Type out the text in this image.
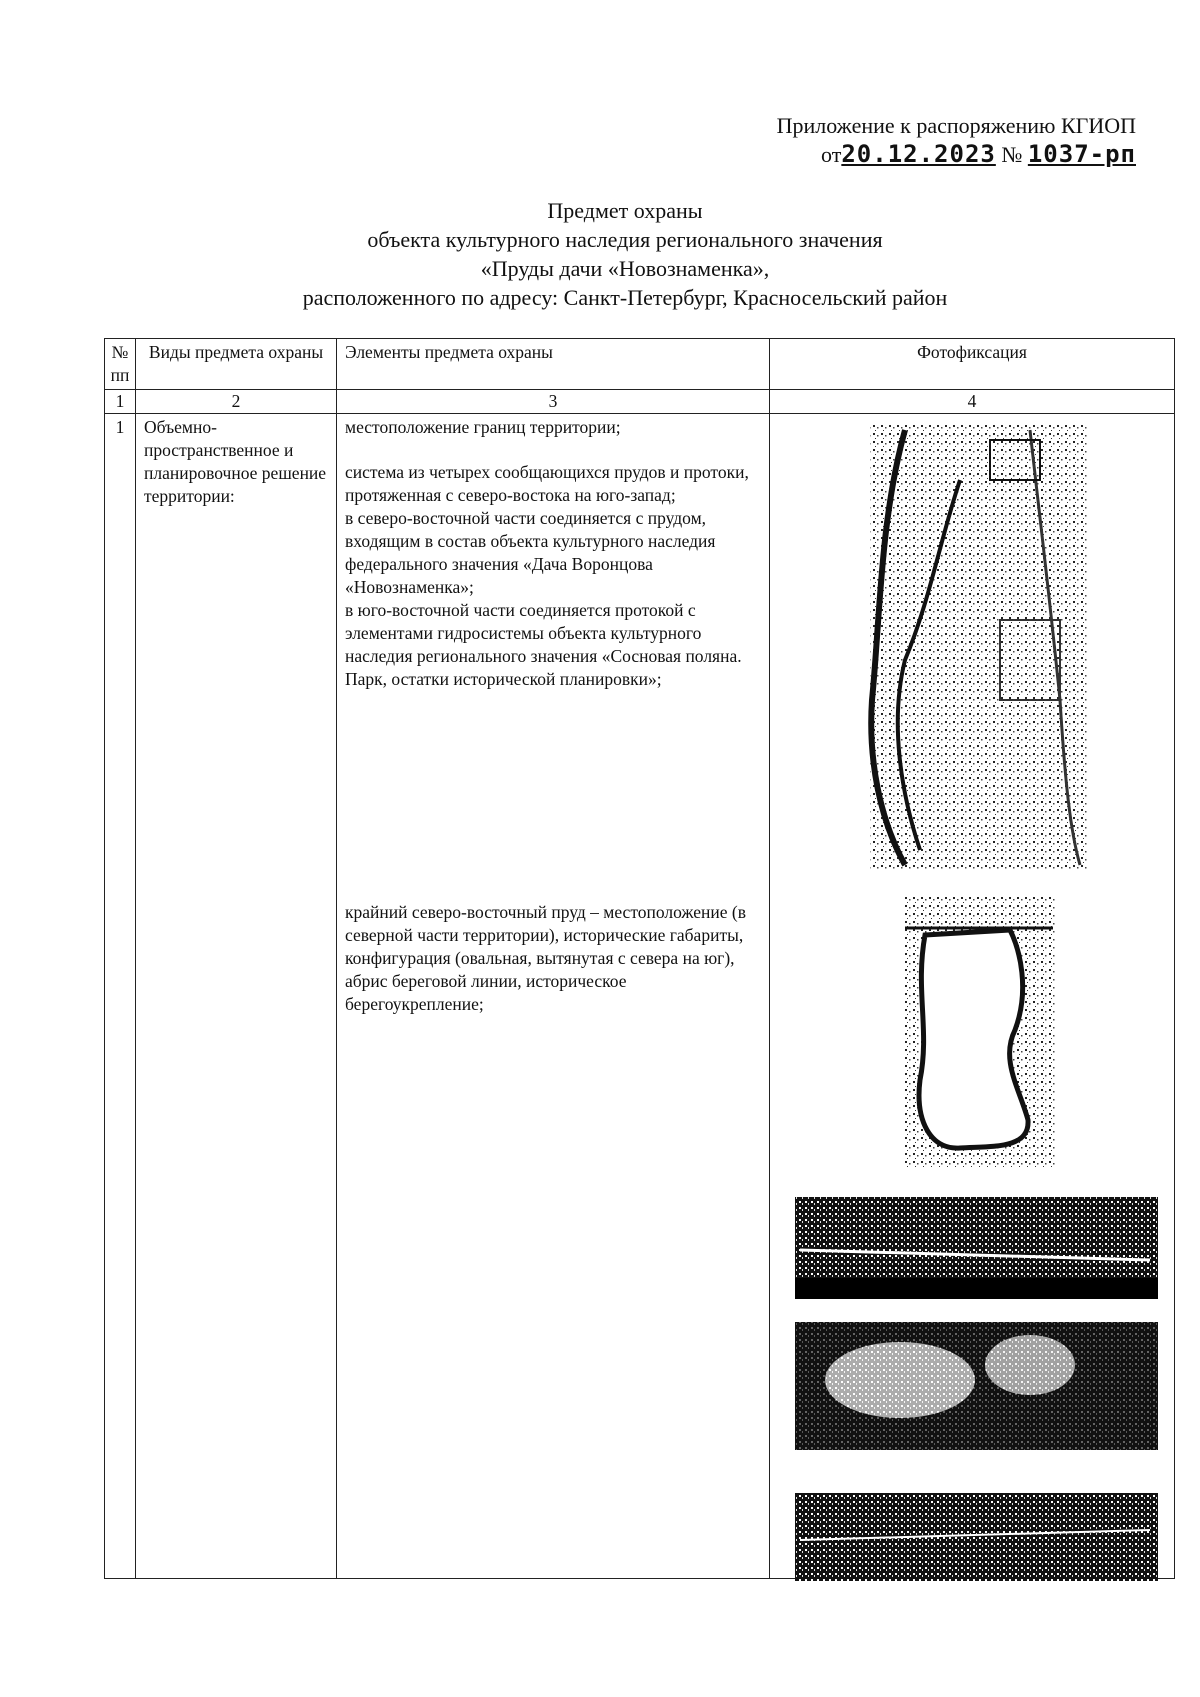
Приложение к распоряжению КГИОП
от20.12.2023 № 1037-рп
Предмет охраны
объекта культурного наследия регионального значения
«Пруды дачи «Новознаменка»,
расположенного по адресу: Санкт-Петербург, Красносельский район
№ пп	Виды предмета охраны	Элементы предмета охраны	Фотофиксация
1	2	3	4
1	Объемно-пространственное и планировочное решение территории:	местоположение границ территории;

система из четырех сообщающихся прудов и протоки, протяженная с северо-востока на юго-запад;

в северо-восточной части соединяется с прудом, входящим в состав объекта культурного наследия федерального значения «Дача Воронцова «Новознаменка»;

в юго-восточной части соединяется протокой с элементами гидросистемы объекта культурного наследия регионального значения «Сосновая поляна. Парк, остатки исторической планировки»;

крайний северо-восточный пруд – местоположение (в северной части территории), исторические габариты, конфигурация (овальная, вытянутая с севера на юг), абрис береговой линии, историческое берегоукрепление;	
